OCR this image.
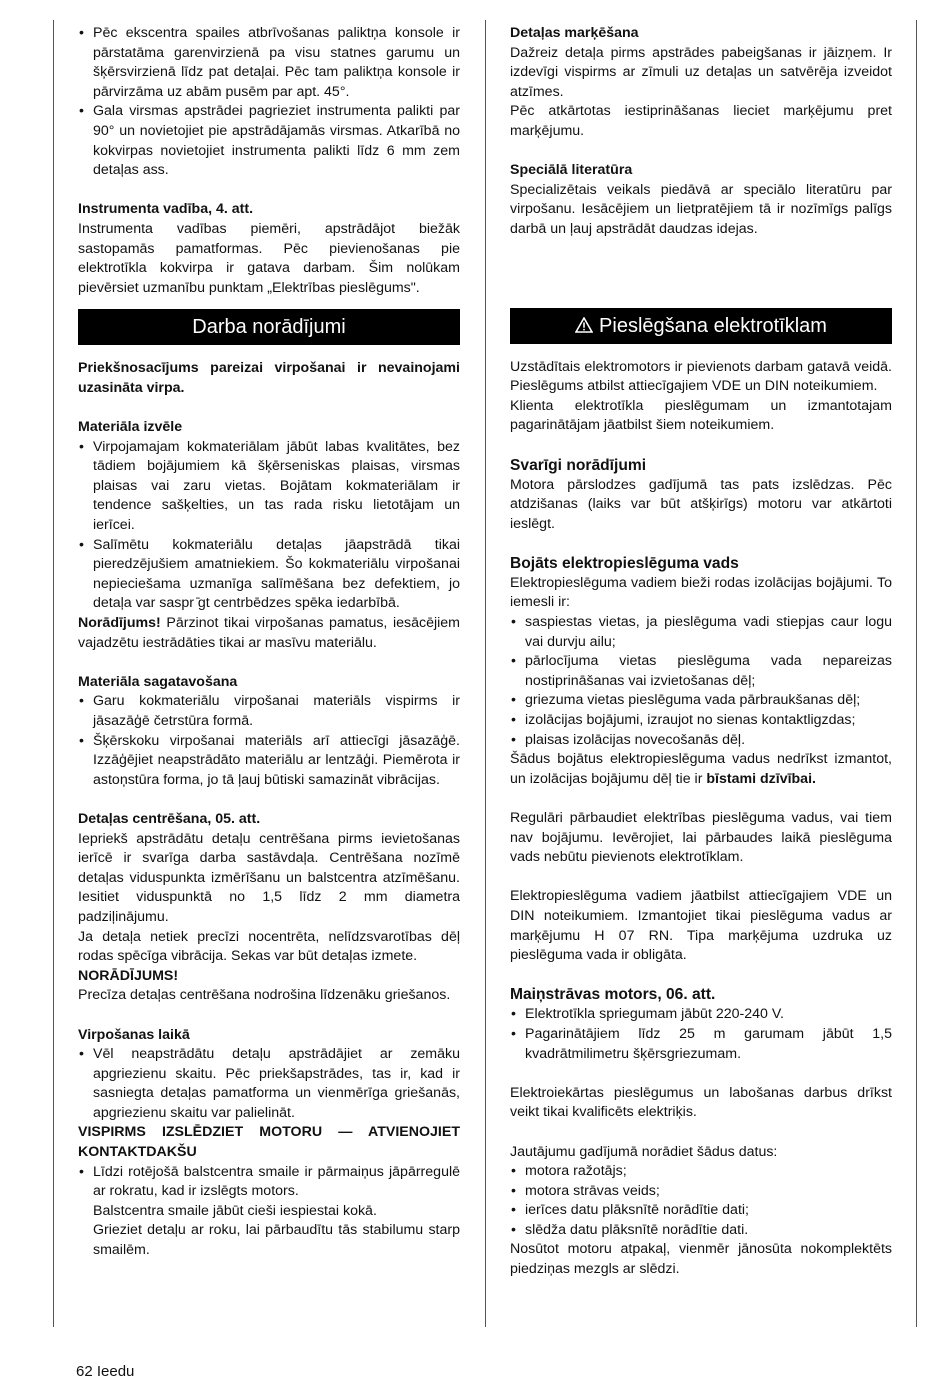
• Pēc ekscentra spailes atbrīvošanas paliktņa konsole ir pārstatāma garenvirzienā pa visu statnes garumu un šķērsvirzienā līdz pat detaļai. Pēc tam paliktņa konsole ir pārvirzāma uz abām pusēm par apt. 45°.
• Gala virsmas apstrādei pagrieziet instrumenta palikti par 90° un novietojiet pie apstrādājamās virsmas. Atkarībā no kokvirpas novietojiet instrumenta palikti līdz 6 mm zem detaļas ass.
Instrumenta vadība, 4. att.

Instrumenta vadības piemēri, apstrādājot biežāk sastopamās pamatformas. Pēc pievienošanas pie elektrotīkla kokvirpa ir gatava darbam. Šim nolūkam pievērsiet uzmanību punktam „Elektrības pieslēgums".

Darba norādījumi

Priekšnosacījums pareizai virpošanai ir nevainojami uzasināta virpa.

Materiāla izvēle
• Virpojamajam kokmateriālam jābūt labas kvalitātes, bez tādiem bojājumiem kā šķērseniskas plaisas, virsmas plaisas vai zaru vietas. Bojātam kokmateriālam ir tendence sašķelties, un tas rada risku lietotājam un ierīcei.
• Salīmētu kokmateriālu detaļas jāapstrādā tikai pieredzējušiem amatniekiem. Šo kokmateriālu virpošanai nepieciešama uzmanīga salīmēšana bez defektiem, jo detaļa var saspr ̄gt centrbēdzes spēka iedarbībā.

Norādījums! Pārzinot tikai virpošanas pamatus, iesācējiem vajadzētu iestrādāties tikai ar masīvu materiālu.

Materiāla sagatavošana
• Garu kokmateriālu virpošanai materiāls vispirms ir jāsazāģē četrstūra formā.
• Šķērskoku virpošanai materiāls arī attiecīgi jāsazāģē. Izzāģējiet neapstrādāto materiālu ar lentzāģi. Piemērota ir astoņstūra forma, jo tā ļauj būtiski samazināt vibrācijas.
Detaļas centrēšana, 05. att.

Iepriekš apstrādātu detaļu centrēšana pirms ievietošanas ierīcē ir svarīga darba sastāvdaļa. Centrēšana nozīmē detaļas viduspunkta izmērīšanu un balstcentra atzīmēšanu. Iesitiet viduspunktā no 1,5 līdz 2 mm diametra padziļinājumu.

Ja detaļa netiek precīzi nocentrēta, nelīdzsvarotības dēļ rodas spēcīga vibrācija. Sekas var būt detaļas izmete.

NORĀDĪJUMS!

Precīza detaļas centrēšana nodrošina līdzenāku griešanos.

Virpošanas laikā
• Vēl neapstrādātu detaļu apstrādājiet ar zemāku apgriezienu skaitu. Pēc priekšapstrādes, tas ir, kad ir sasniegta detaļas pamatforma un vienmērīga griešanās, apgriezienu skaitu var palielināt.

VISPIRMS IZSLĒDZIET MOTORU — ATVIENOJIET KONTAKTDAKŠU

• Līdzi rotējošā balstcentra smaile ir pārmaiņus jāpārregulē ar rokratu, kad ir izslēgts motors.
Balstcentra smaile jābūt cieši iespiestai kokā.
Grieziet detaļu ar roku, lai pārbaudītu tās stabilumu starp smailēm.
Detaļas marķēšana

Dažreiz detaļa pirms apstrādes pabeigšanas ir jāizņem. Ir izdevīgi vispirms ar zīmuli uz detaļas un satvērēja izveidot atzīmes.

Pēc atkārtotas iestiprināšanas lieciet marķējumu pret marķējumu.

Speciālā literatūra

Specializētais veikals piedāvā ar speciālo literatūru par virpošanu. Iesācējiem un lietpratējiem tā ir nozīmīgs palīgs darbā un ļauj apstrādāt daudzas idejas.

Pieslēgšana elektrotīklam

Uzstādītais elektromotors ir pievienots darbam gatavā veidā. Pieslēgums atbilst attiecīgajiem VDE un DIN noteikumiem.

Klienta elektrotīkla pieslēgumam un izmantotajam pagarinātājam jāatbilst šiem noteikumiem.

Svarīgi norādījumi

Motora pārslodzes gadījumā tas pats izslēdzas. Pēc atdzišanas (laiks var būt atšķirīgs) motoru var atkārtoti ieslēgt.

Bojāts elektropieslēguma vads

Elektropieslēguma vadiem bieži rodas izolācijas bojājumi. To iemesli ir:

• saspiestas vietas, ja pieslēguma vadi stiepjas caur logu vai durvju ailu;
• pārlocījuma vietas pieslēguma vada nepareizas nostiprināšanas vai izvietošanas dēļ;
• griezuma vietas pieslēguma vada pārbraukšanas dēļ;
• izolācijas bojājumi, izraujot no sienas kontaktligzdas;
• plaisas izolācijas novecošanās dēļ.

Šādus bojātus elektropieslēguma vadus nedrīkst izmantot, un izolācijas bojājumu dēļ tie ir bīstami dzīvībai.

Regulāri pārbaudiet elektrības pieslēguma vadus, vai tiem nav bojājumu. Ievērojiet, lai pārbaudes laikā pieslēguma vads nebūtu pievienots elektrotīklam.

Elektropieslēguma vadiem jāatbilst attiecīgajiem VDE un DIN noteikumiem. Izmantojiet tikai pieslēguma vadus ar marķējumu H 07 RN. Tipa marķējuma uzdruka uz pieslēguma vada ir obligāta.

Maiņstrāvas motors, 06. att.
• Elektrotīkla spriegumam jābūt 220-240 V.
• Pagarinātājiem līdz 25 m garumam jābūt 1,5 kvadrātmilimetru šķērsgriezumam.

Elektroiekārtas pieslēgumus un labošanas darbus drīkst veikt tikai kvalificēts elektriķis.

Jautājumu gadījumā norādiet šādus datus:

• motora ražotājs;
• motora strāvas veids;
• ierīces datu plāksnītē norādītie dati;
• slēdža datu plāksnītē norādītie dati.

Nosūtot motoru atpakaļ, vienmēr jānosūta nokomplektēts piedziņas mezgls ar slēdzi.

62 Ieedu
